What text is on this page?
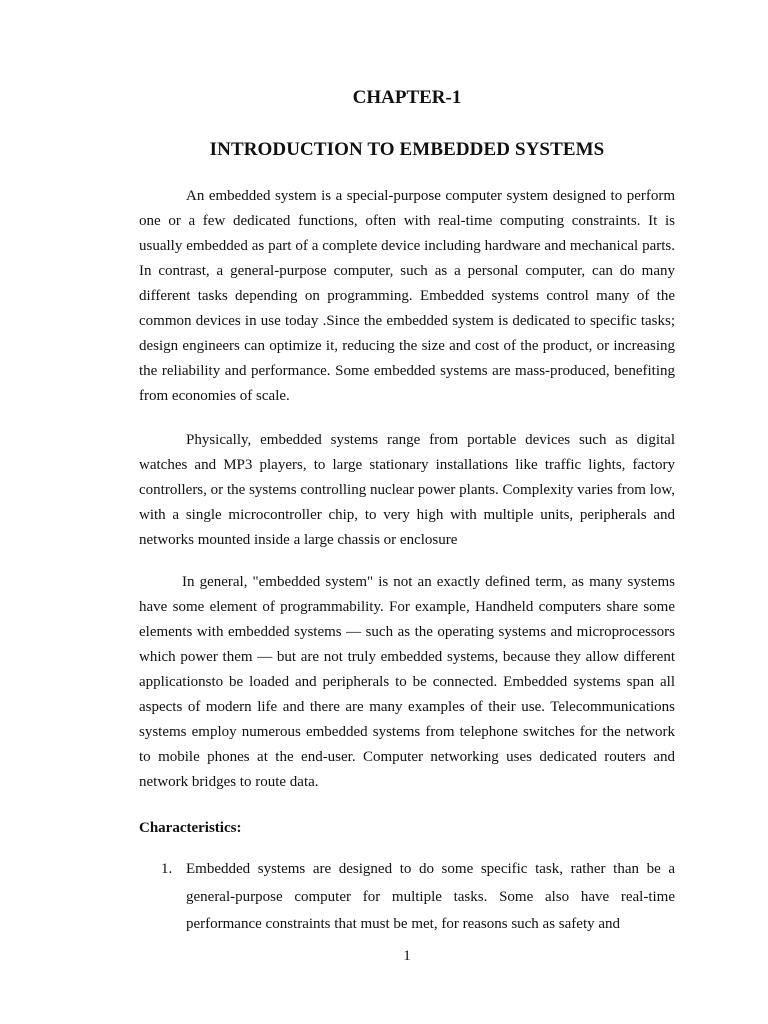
CHAPTER-1
INTRODUCTION TO EMBEDDED SYSTEMS

An embedded system is a special-purpose computer system designed to perform one or a few dedicated functions, often with real-time computing constraints. It is usually embedded as part of a complete device including hardware and mechanical parts. In contrast, a general-purpose computer, such as a personal computer, can do many different tasks depending on programming. Embedded systems control many of the common devices in use today .Since the embedded system is dedicated to specific tasks; design engineers can optimize it, reducing the size and cost of the product, or increasing the reliability and performance. Some embedded systems are mass-produced, benefiting from economies of scale.

Physically, embedded systems range from portable devices such as digital watches and MP3 players, to large stationary installations like traffic lights, factory controllers, or the systems controlling nuclear power plants. Complexity varies from low, with a single microcontroller chip, to very high with multiple units, peripherals and networks mounted inside a large chassis or enclosure

In general, "embedded system" is not an exactly defined term, as many systems have some element of programmability. For example, Handheld computers share some elements with embedded systems — such as the operating systems and microprocessors which power them — but are not truly embedded systems, because they allow different applicationsto be loaded and peripherals to be connected. Embedded systems span all aspects of modern life and there are many examples of their use. Telecommunications systems employ numerous embedded systems from telephone switches for the network to mobile phones at the end-user. Computer networking uses dedicated routers and network bridges to route data.

Characteristics:
1. Embedded systems are designed to do some specific task, rather than be a general-purpose computer for multiple tasks. Some also have real-time performance constraints that must be met, for reasons such as safety and
1
